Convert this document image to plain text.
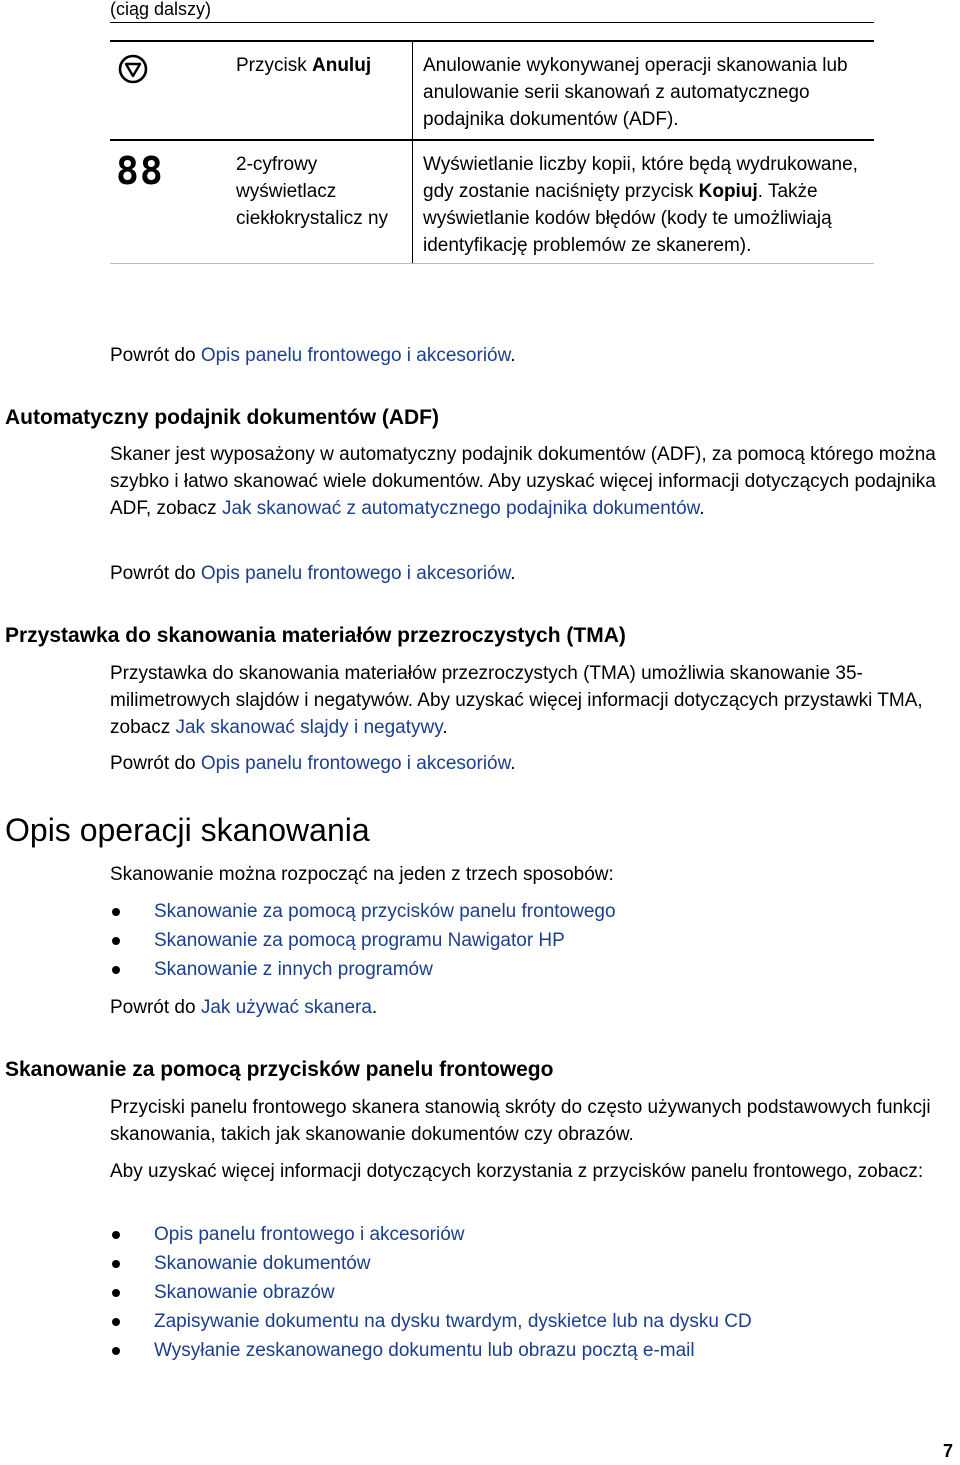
(ciąg dalszy)
	Przycisk Anuluj	Anulowanie wykonywanej operacji skanowania lub anulowanie serii skanowań z automatycznego podajnika dokumentów (ADF).

88	2-cyfrowy wyświetlacz ciekłokrystalicz ny	Wyświetlanie liczby kopii, które będą wydrukowane, gdy zostanie naciśnięty przycisk Kopiuj. Także wyświetlanie kodów błędów (kody te umożliwiają identyfikację problemów ze skanerem).
Powrót do Opis panelu frontowego i akcesoriów.
Automatyczny podajnik dokumentów (ADF)
Skaner jest wyposażony w automatyczny podajnik dokumentów (ADF), za pomocą którego można szybko i łatwo skanować wiele dokumentów. Aby uzyskać więcej informacji dotyczących podajnika ADF, zobacz Jak skanować z automatycznego podajnika dokumentów.
Powrót do Opis panelu frontowego i akcesoriów.
Przystawka do skanowania materiałów przezroczystych (TMA)
Przystawka do skanowania materiałów przezroczystych (TMA) umożliwia skanowanie 35-milimetrowych slajdów i negatywów. Aby uzyskać więcej informacji dotyczących przystawki TMA, zobacz Jak skanować slajdy i negatywy.
Powrót do Opis panelu frontowego i akcesoriów.
Opis operacji skanowania
Skanowanie można rozpocząć na jeden z trzech sposobów:
Skanowanie za pomocą przycisków panelu frontowego
Skanowanie za pomocą programu Nawigator HP
Skanowanie z innych programów
Powrót do Jak używać skanera.
Skanowanie za pomocą przycisków panelu frontowego
Przyciski panelu frontowego skanera stanowią skróty do często używanych podstawowych funkcji skanowania, takich jak skanowanie dokumentów czy obrazów.
Aby uzyskać więcej informacji dotyczących korzystania z przycisków panelu frontowego, zobacz:
Opis panelu frontowego i akcesoriów
Skanowanie dokumentów
Skanowanie obrazów
Zapisywanie dokumentu na dysku twardym, dyskietce lub na dysku CD
Wysyłanie zeskanowanego dokumentu lub obrazu pocztą e-mail
7
